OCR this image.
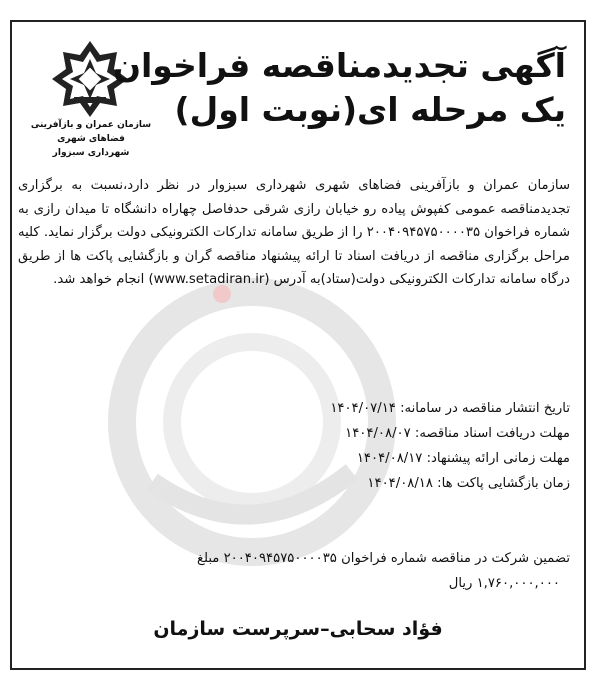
سازمان عمران و بازآفرینی فضاهای شهری
شهرداری سبزوار
آگهی تجدیدمناقصه فراخوان
یک مرحله ای(نوبت اول)

سازمان عمران و بازآفرینی فضاهای شهری شهرداری سبزوار در نظر دارد،نسبت به برگزاری تجدیدمناقصه عمومی کفپوش پیاده رو خیابان رازی شرقی حدفاصل چهاراه دانشگاه تا میدان رازی به شماره فراخوان ۲۰۰۴۰۹۴۵۷۵۰۰۰۰۳۵ را از طریق سامانه تدارکات الکترونیکی دولت برگزار نماید. کلیه مراحل برگزاری مناقصه از دریافت اسناد تا ارائه پیشنهاد مناقصه گران و بازگشایی پاکت ها از طریق درگاه سامانه تدارکات الکترونیکی دولت(ستاد)به آدرس (www.setadiran.ir) انجام خواهد شد.

تاریخ انتشار مناقصه در سامانه: ۱۴۰۴/۰۷/۱۴
مهلت دریافت اسناد مناقصه: ۱۴۰۴/۰۸/۰۷
مهلت زمانی ارائه پیشنهاد: ۱۴۰۴/۰۸/۱۷
زمان بازگشایی پاکت ها: ۱۴۰۴/۰۸/۱۸
تضمین شرکت در مناقصه شماره فراخوان ۲۰۰۴۰۹۴۵۷۵۰۰۰۰۳۵ مبلغ
۱,۷۶۰,۰۰۰,۰۰۰ ریال
فؤاد سحابی–سرپرست سازمان
